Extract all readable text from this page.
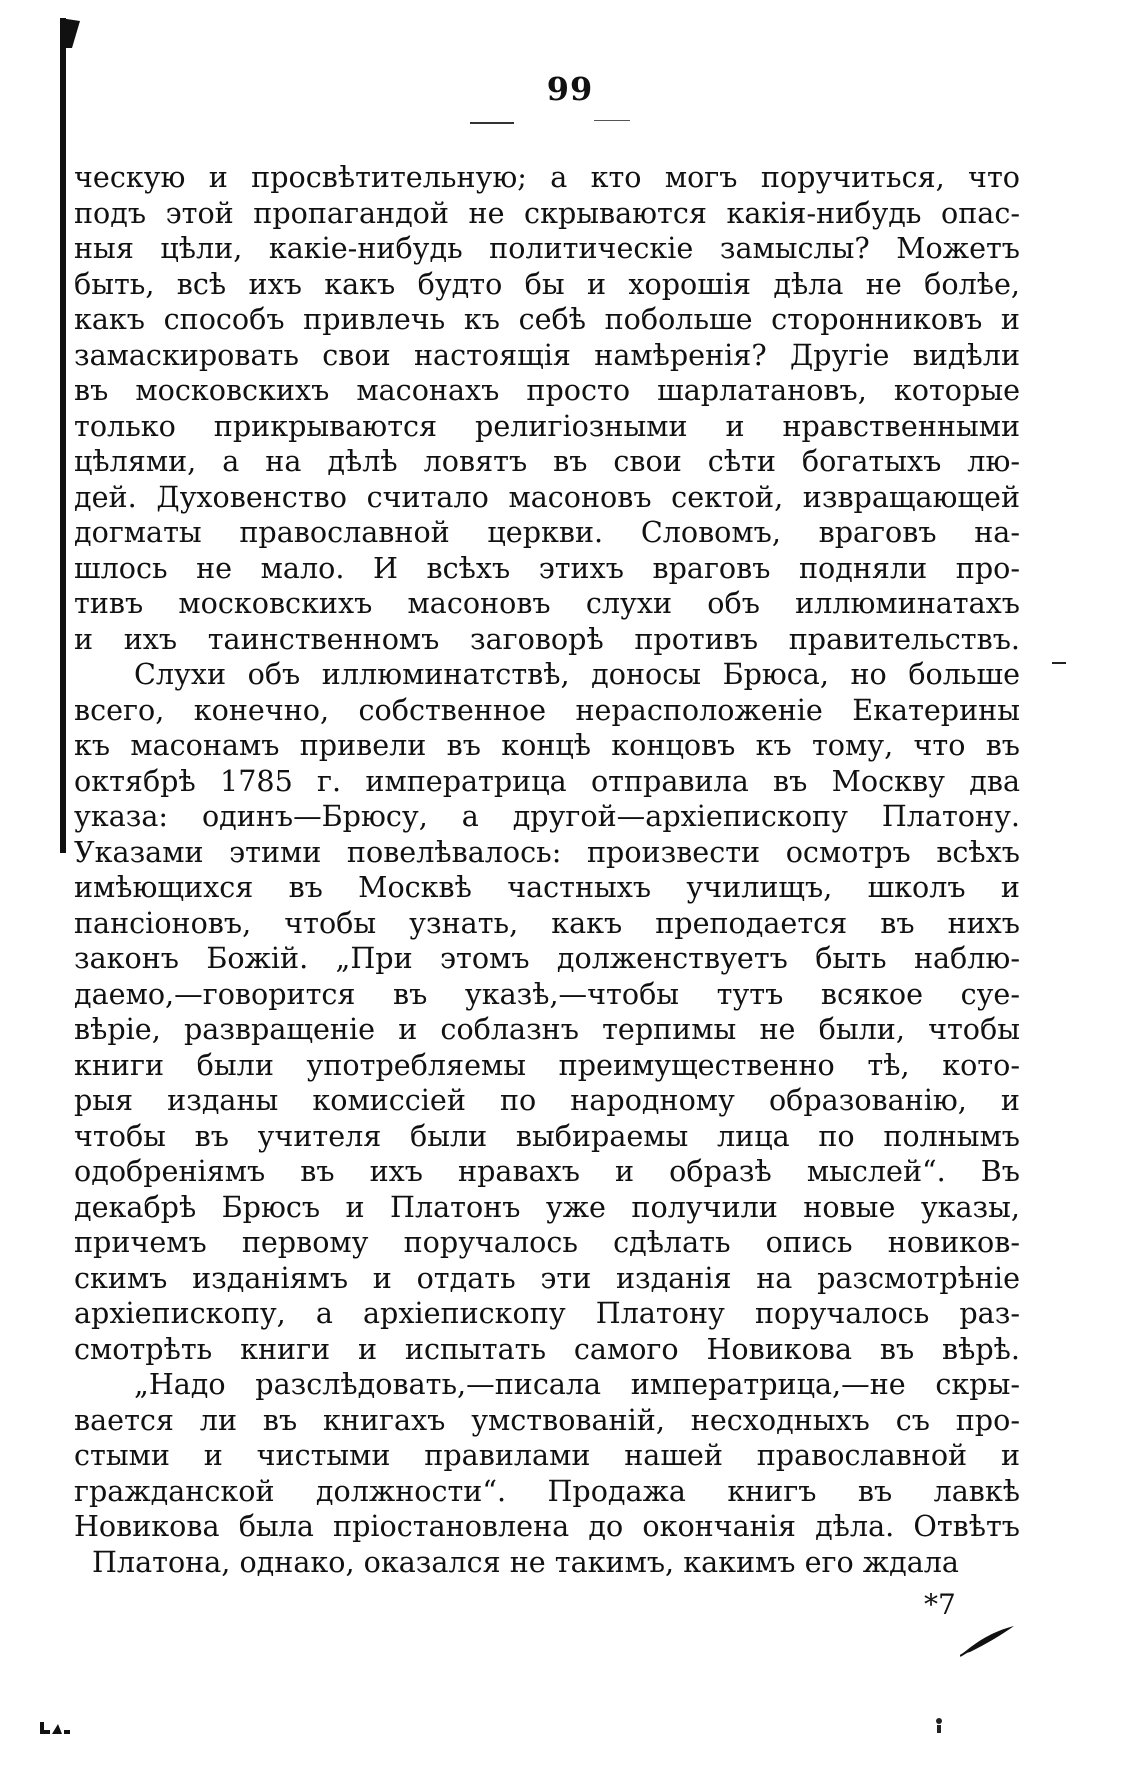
99
ческую и просвѣтительную; а кто могъ поручиться, что
подъ этой пропагандой не скрываются какія-нибудь опас-
ныя цѣли, какіе-нибудь политическіе замыслы? Можетъ
быть, всѣ ихъ какъ будто бы и хорошія дѣла не болѣе,
какъ способъ привлечь къ себѣ побольше сторонниковъ и
замаскировать свои настоящія намѣренія? Другіе видѣли
въ московскихъ масонахъ просто шарлатановъ, которые
только прикрываются религіозными и нравственными
цѣлями, а на дѣлѣ ловятъ въ свои сѣти богатыхъ лю-
дей. Духовенство считало масоновъ сектой, извращающей
догматы православной церкви. Словомъ, враговъ на-
шлось не мало. И всѣхъ этихъ враговъ подняли про-
тивъ московскихъ масоновъ слухи объ иллюминатахъ
и ихъ таинственномъ заговорѣ противъ правительствъ.
Слухи объ иллюминатствѣ, доносы Брюса, но больше
всего, конечно, собственное нерасположеніе Екатерины
къ масонамъ привели въ концѣ концовъ къ тому, что въ
октябрѣ 1785 г. императрица отправила въ Москву два
указа: одинъ—Брюсу, а другой—архіепископу Платону.
Указами этими повелѣвалось: произвести осмотръ всѣхъ
имѣющихся въ Москвѣ частныхъ училищъ, школъ и
пансіоновъ, чтобы узнать, какъ преподается въ нихъ
законъ Божій. „При этомъ долженствуетъ быть наблю-
даемо,—говорится въ указѣ,—чтобы тутъ всякое суе-
вѣріе, развращеніе и соблазнъ терпимы не были, чтобы
книги были употребляемы преимущественно тѣ, кото-
рыя изданы комиссіей по народному образованію, и
чтобы въ учителя были выбираемы лица по полнымъ
одобреніямъ въ ихъ нравахъ и образѣ мыслей“. Въ
декабрѣ Брюсъ и Платонъ уже получили новые указы,
причемъ первому поручалось сдѣлать опись новиков-
скимъ изданіямъ и отдать эти изданія на разсмотрѣніе
архіепископу, а архіепископу Платону поручалось раз-
смотрѣть книги и испытать самого Новикова въ вѣрѣ.
„Надо разслѣдовать,—писала императрица,—не скры-
вается ли въ книгахъ умствованій, несходныхъ съ про-
стыми и чистыми правилами нашей православной и
гражданской должности“. Продажа книгъ въ лавкѣ
Новикова была пріостановлена до окончанія дѣла. Отвѣтъ
Платона, однако, оказался не такимъ, какимъ его ждала
*7
